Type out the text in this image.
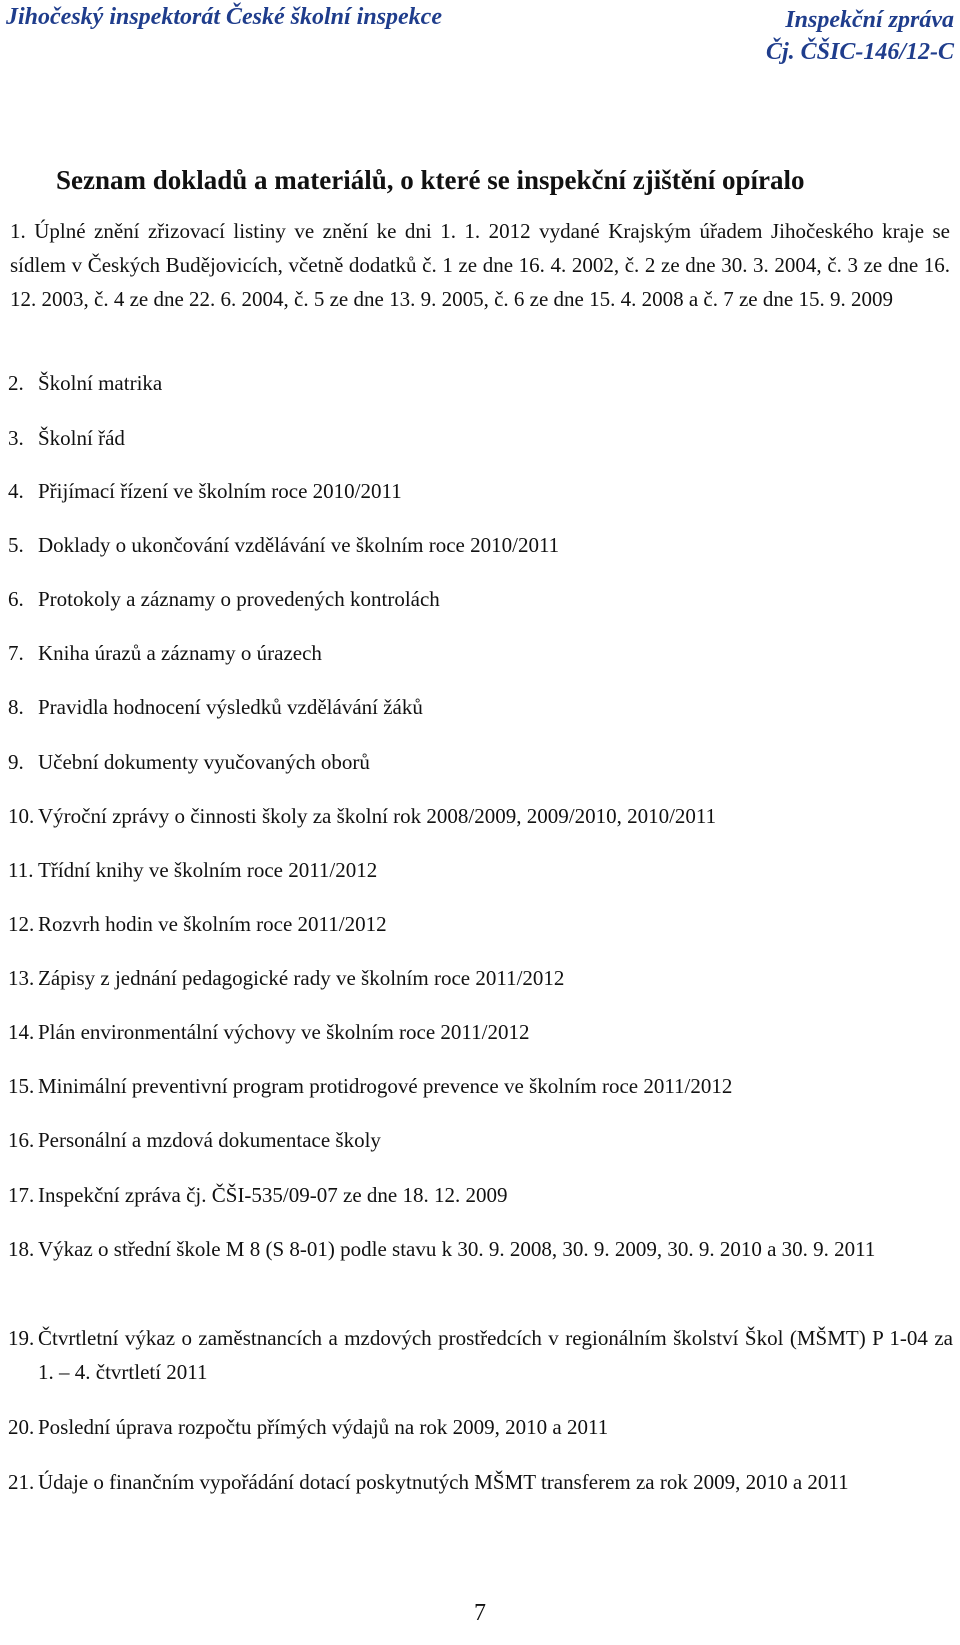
Jihočeský inspektorát České školní inspekce	Inspekční zpráva
Čj. ČŠIC-146/12-C
Seznam dokladů a materiálů, o které se inspekční zjištění opíralo
1. Úplné znění zřizovací listiny ve znění ke dni 1. 1. 2012 vydané Krajským úřadem Jihočeského kraje se sídlem v Českých Budějovicích, včetně dodatků č. 1 ze dne 16. 4. 2002, č. 2 ze dne 30. 3. 2004, č. 3 ze dne 16. 12. 2003, č. 4 ze dne 22. 6. 2004, č. 5 ze dne 13. 9. 2005, č. 6 ze dne 15. 4. 2008 a č. 7 ze dne 15. 9. 2009
2. Školní matrika
3. Školní řád
4. Přijímací řízení ve školním roce 2010/2011
5. Doklady o ukončování vzdělávání ve školním roce 2010/2011
6. Protokoly a záznamy o provedených kontrolách
7. Kniha úrazů a záznamy o úrazech
8. Pravidla hodnocení výsledků vzdělávání žáků
9. Učební dokumenty vyučovaných oborů
10. Výroční zprávy o činnosti školy za školní rok 2008/2009, 2009/2010, 2010/2011
11. Třídní knihy ve školním roce 2011/2012
12. Rozvrh hodin ve školním roce 2011/2012
13. Zápisy z jednání pedagogické rady ve školním roce 2011/2012
14. Plán environmentální výchovy ve školním roce 2011/2012
15. Minimální preventivní program protidrogové prevence ve školním roce 2011/2012
16. Personální a mzdová dokumentace školy
17. Inspekční zpráva čj. ČŠI-535/09-07 ze dne 18. 12. 2009
18. Výkaz o střední škole M 8 (S 8-01) podle stavu k 30. 9. 2008, 30. 9. 2009, 30. 9. 2010 a 30. 9. 2011
19. Čtvrtletní výkaz o zaměstnancích a mzdových prostředcích v regionálním školství Škol (MŠMT) P 1-04 za 1. – 4. čtvrtletí 2011
20. Poslední úprava rozpočtu přímých výdajů na rok 2009, 2010 a 2011
21. Údaje o finančním vypořádání dotací poskytnutých MŠMT transferem za rok 2009, 2010 a 2011
7
